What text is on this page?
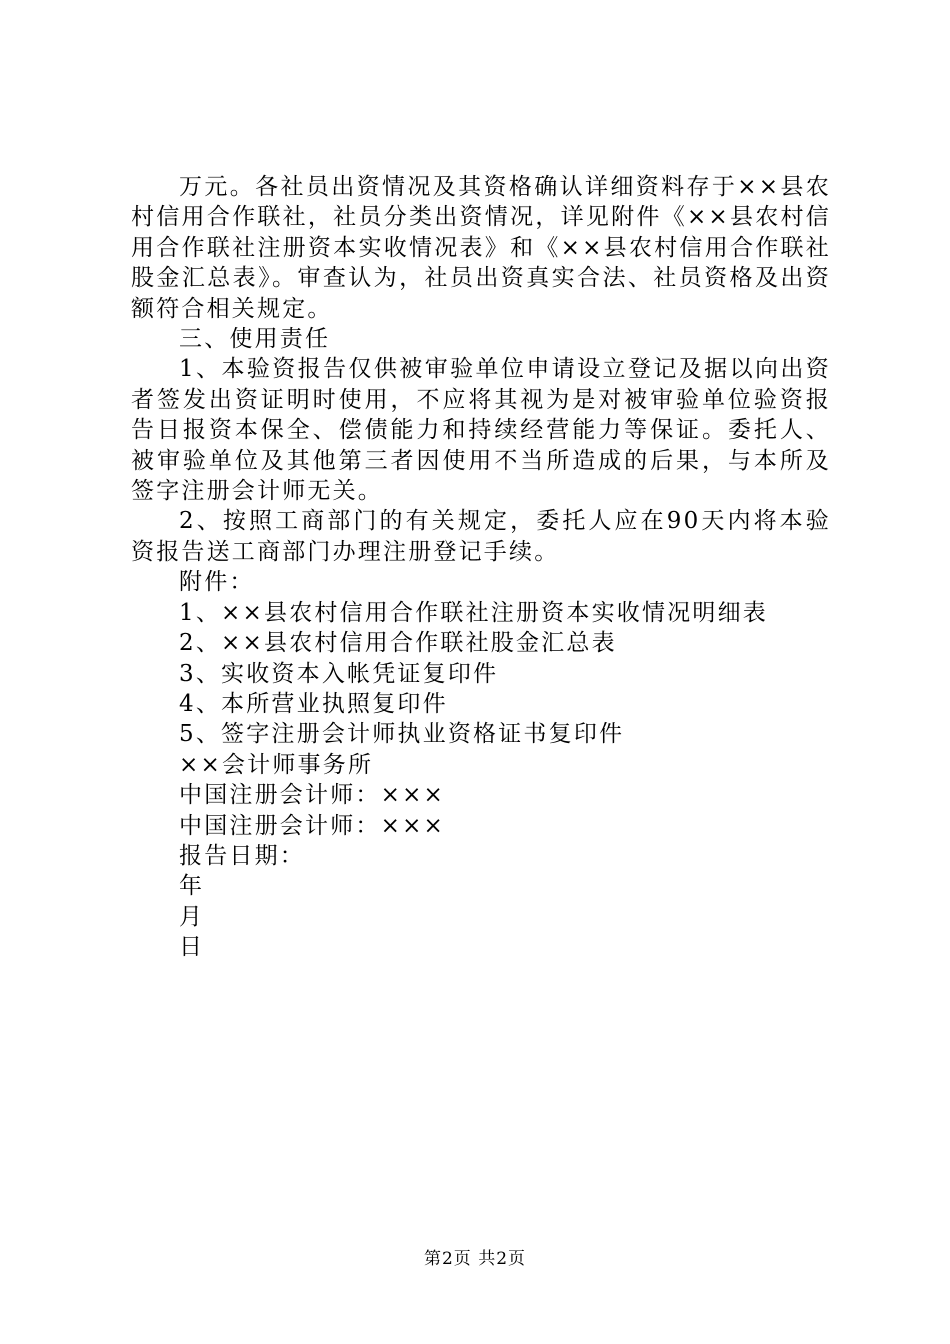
万元。各社员出资情况及其资格确认详细资料存于××县农村信用合作联社，社员分类出资情况，详见附件《××县农村信用合作联社注册资本实收情况表》和《××县农村信用合作联社股金汇总表》。审查认为，社员出资真实合法、社员资格及出资额符合相关规定。

三、使用责任

1、本验资报告仅供被审验单位申请设立登记及据以向出资者签发出资证明时使用，不应将其视为是对被审验单位验资报告日报资本保全、偿债能力和持续经营能力等保证。委托人、被审验单位及其他第三者因使用不当所造成的后果，与本所及签字注册会计师无关。

2、按照工商部门的有关规定，委托人应在90天内将本验资报告送工商部门办理注册登记手续。

附件：

1、××县农村信用合作联社注册资本实收情况明细表

2、××县农村信用合作联社股金汇总表

3、实收资本入帐凭证复印件

4、本所营业执照复印件

5、签字注册会计师执业资格证书复印件

××会计师事务所

中国注册会计师：×××

中国注册会计师：×××

报告日期：

年

月

日

第2页 共2页
